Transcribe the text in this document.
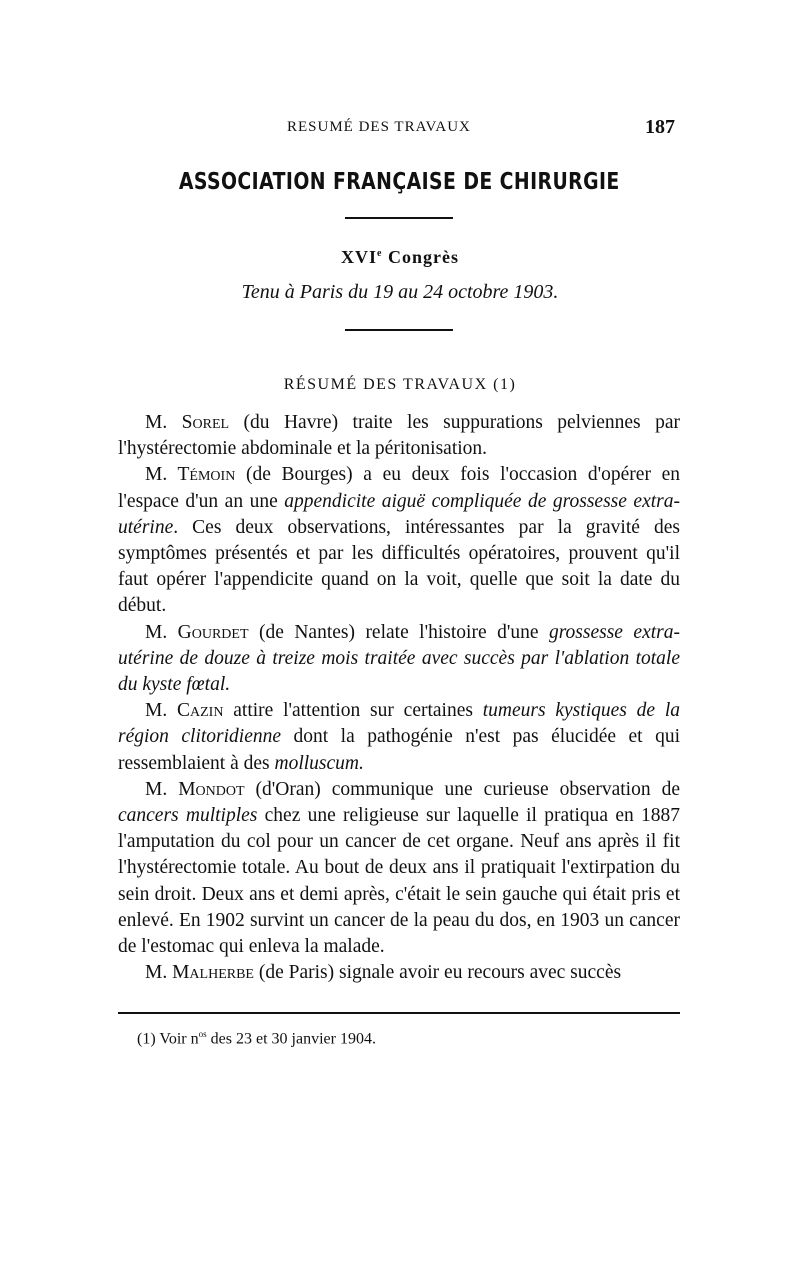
RESUMÉ DES TRAVAUX	187
ASSOCIATION FRANÇAISE DE CHIRURGIE
XVIe Congrès
Tenu à Paris du 19 au 24 octobre 1903.
RÉSUMÉ DES TRAVAUX (1)

M. Sorel (du Havre) traite les suppurations pelviennes par l'hystérectomie abdominale et la péritonisation.

M. Témoin (de Bourges) a eu deux fois l'occasion d'opérer en l'espace d'un an une appendicite aiguë compliquée de grossesse extra-utérine. Ces deux observations, intéressantes par la gravité des symptômes présentés et par les difficultés opératoires, prouvent qu'il faut opérer l'appendicite quand on la voit, quelle que soit la date du début.

M. Gourdet (de Nantes) relate l'histoire d'une grossesse extra-utérine de douze à treize mois traitée avec succès par l'ablation totale du kyste fœtal.

M. Cazin attire l'attention sur certaines tumeurs kystiques de la région clitoridienne dont la pathogénie n'est pas élucidée et qui ressemblaient à des molluscum.

M. Mondot (d'Oran) communique une curieuse observation de cancers multiples chez une religieuse sur laquelle il pratiqua en 1887 l'amputation du col pour un cancer de cet organe. Neuf ans après il fit l'hystérectomie totale. Au bout de deux ans il pratiquait l'extirpation du sein droit. Deux ans et demi après, c'était le sein gauche qui était pris et enlevé. En 1902 survint un cancer de la peau du dos, en 1903 un cancer de l'estomac qui enleva la malade.

M. Malherbe (de Paris) signale avoir eu recours avec succès

(1) Voir $n^{os}$ des 23 et 30 janvier 1904.
